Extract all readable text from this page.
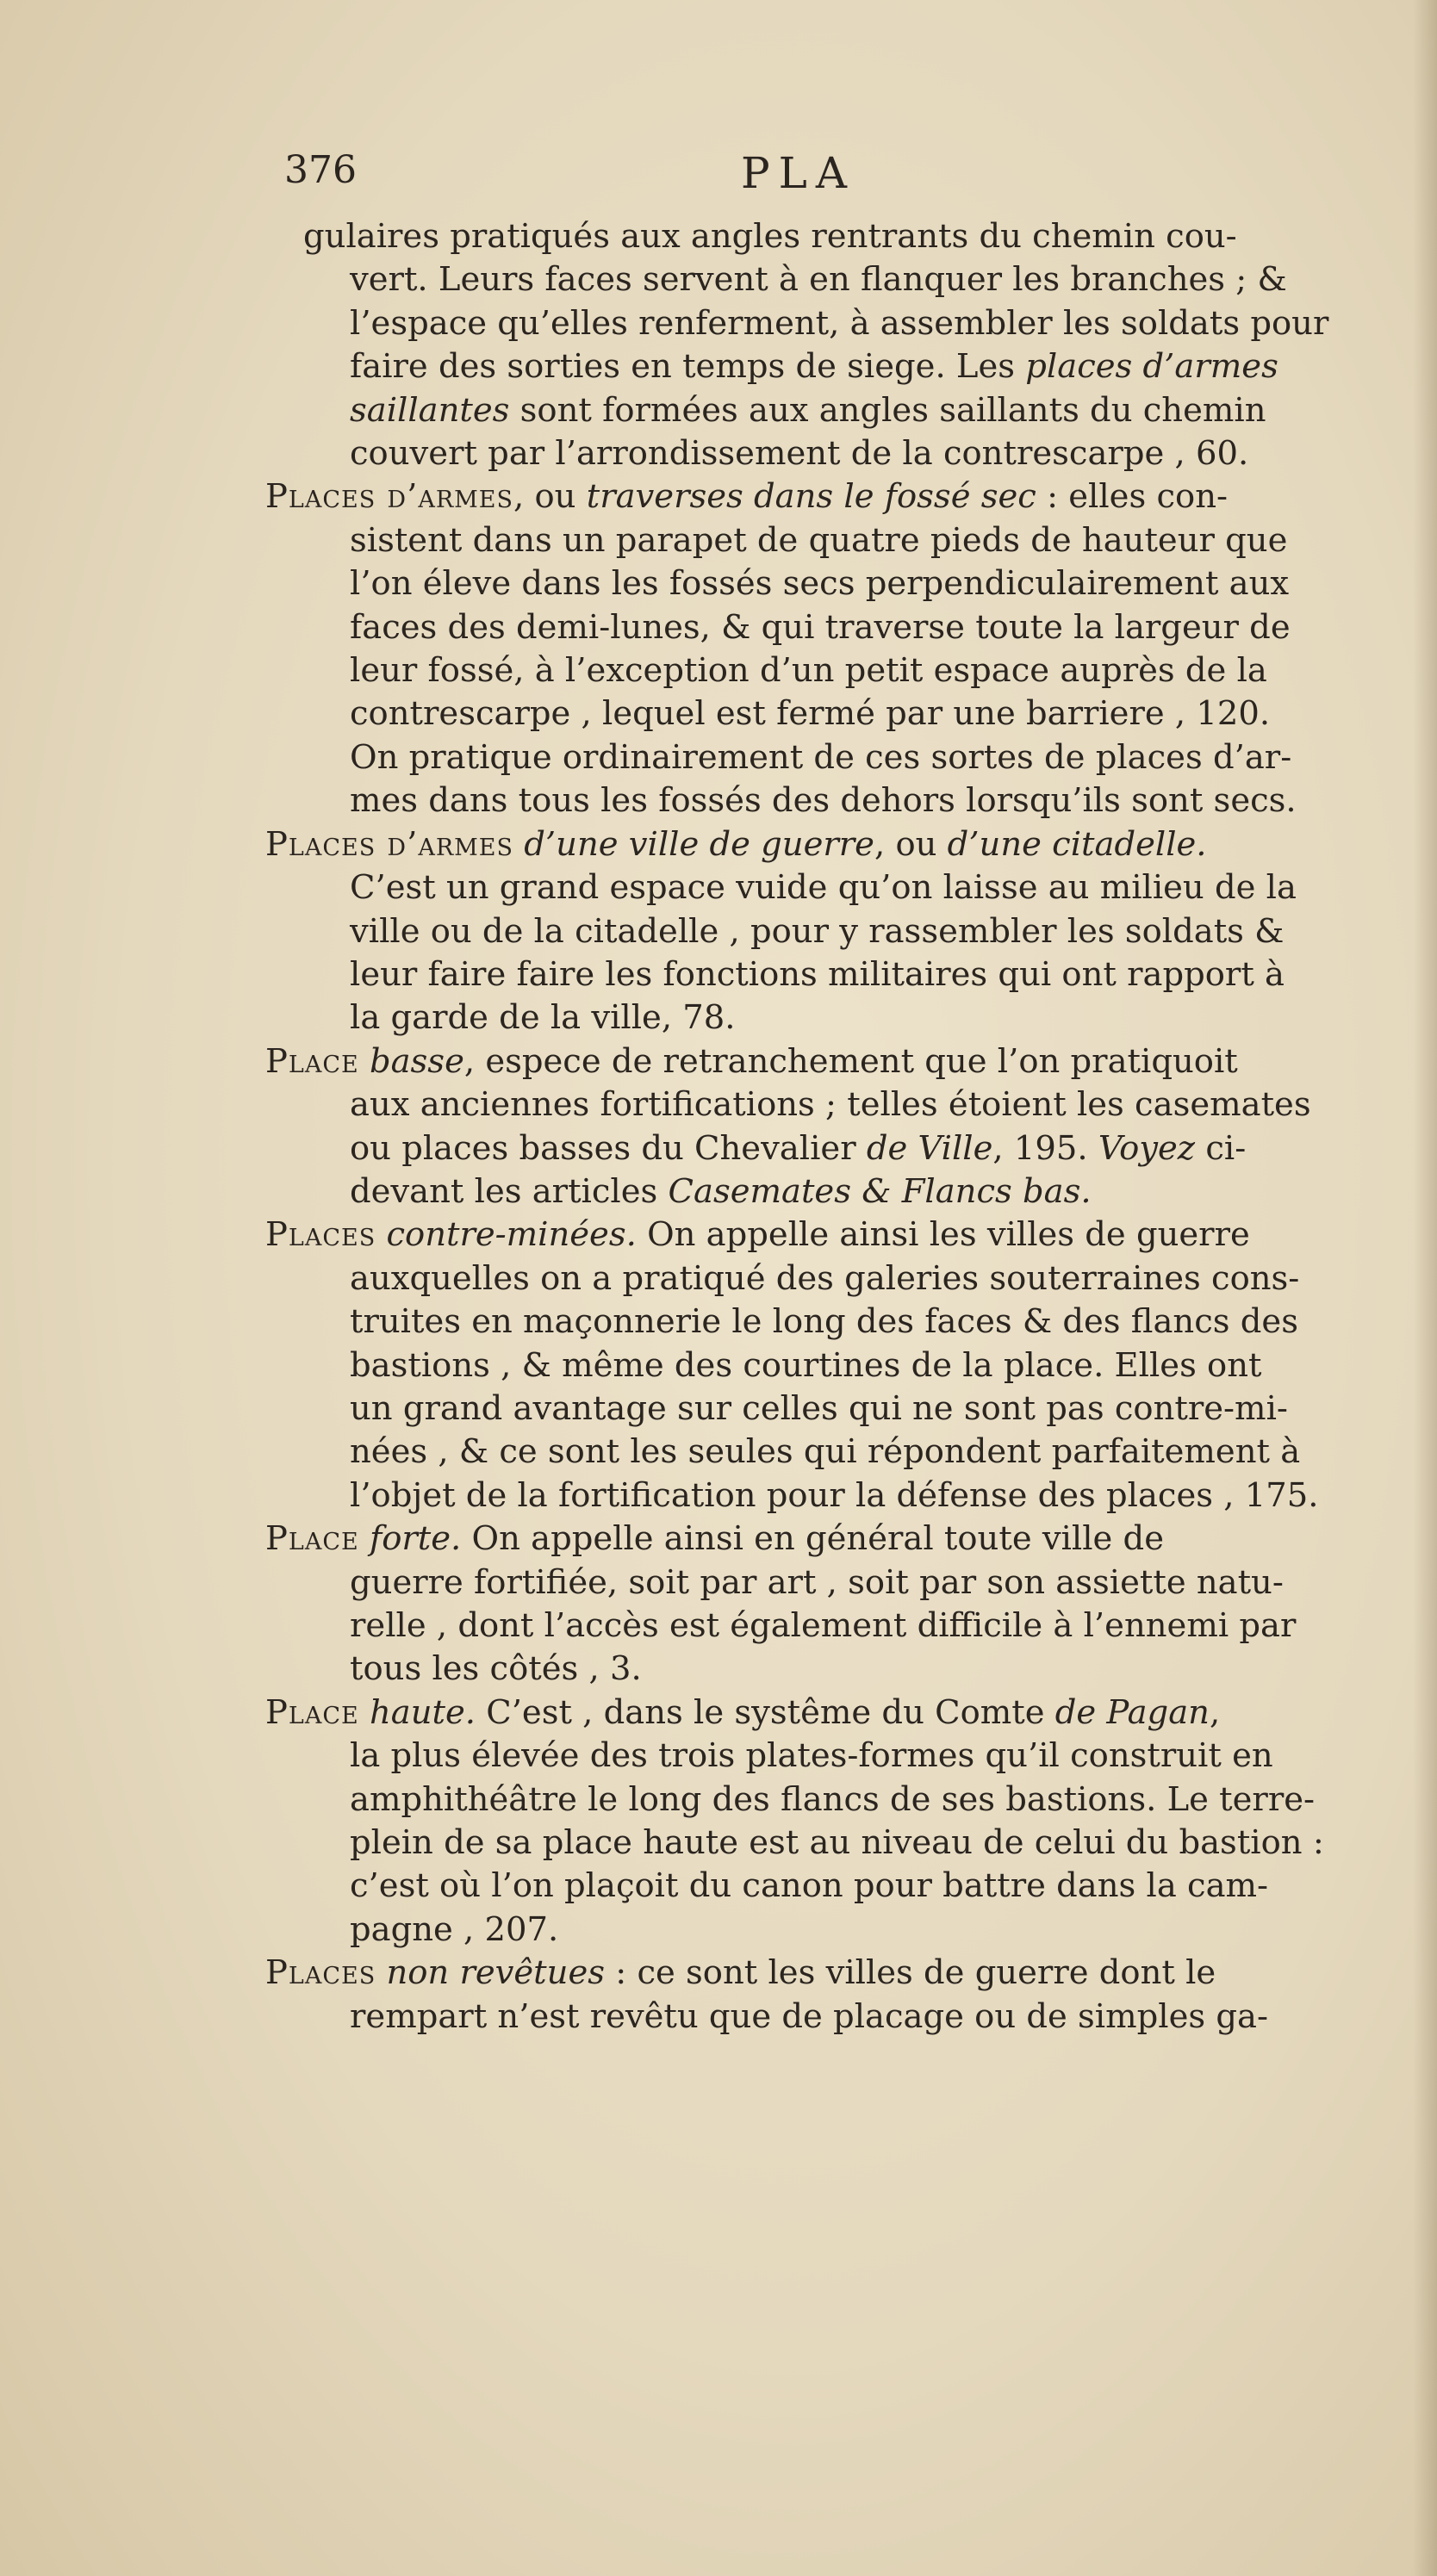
376	PLA
gulaires pratiqués aux angles rentrants du chemin cou-
vert. Leurs faces servent à en flanquer les branches ; &
l’espace qu’elles renferment, à assembler les soldats pour
faire des sorties en temps de siege. Les places d’armes
saillantes sont formées aux angles saillants du chemin
couvert par l’arrondissement de la contrescarpe , 60.
Places d’armes, ou traverses dans le fossé sec : elles con-
sistent dans un parapet de quatre pieds de hauteur que
l’on éleve dans les fossés secs perpendiculairement aux
faces des demi-lunes, & qui traverse toute la largeur de
leur fossé, à l’exception d’un petit espace auprès de la
contrescarpe , lequel est fermé par une barriere , 120.
On pratique ordinairement de ces sortes de places d’ar-
mes dans tous les fossés des dehors lorsqu’ils sont secs.
Places d’armes d’une ville de guerre, ou d’une citadelle.
C’est un grand espace vuide qu’on laisse au milieu de la
ville ou de la citadelle , pour y rassembler les soldats &
leur faire faire les fonctions militaires qui ont rapport à
la garde de la ville, 78.
Place basse, espece de retranchement que l’on pratiquoit
aux anciennes fortifications ; telles étoient les casemates
ou places basses du Chevalier de Ville, 195. Voyez ci-
devant les articles Casemates & Flancs bas.
Places contre-minées. On appelle ainsi les villes de guerre
auxquelles on a pratiqué des galeries souterraines cons-
truites en maçonnerie le long des faces & des flancs des
bastions , & même des courtines de la place. Elles ont
un grand avantage sur celles qui ne sont pas contre-mi-
nées , & ce sont les seules qui répondent parfaitement à
l’objet de la fortification pour la défense des places , 175.
Place forte. On appelle ainsi en général toute ville de
guerre fortifiée, soit par art , soit par son assiette natu-
relle , dont l’accès est également difficile à l’ennemi par
tous les côtés , 3.
Place haute. C’est , dans le systême du Comte de Pagan,
la plus élevée des trois plates-formes qu’il construit en
amphithéâtre le long des flancs de ses bastions. Le terre-
plein de sa place haute est au niveau de celui du bastion :
c’est où l’on plaçoit du canon pour battre dans la cam-
pagne , 207.
Places non revêtues : ce sont les villes de guerre dont le
rempart n’est revêtu que de placage ou de simples ga-
